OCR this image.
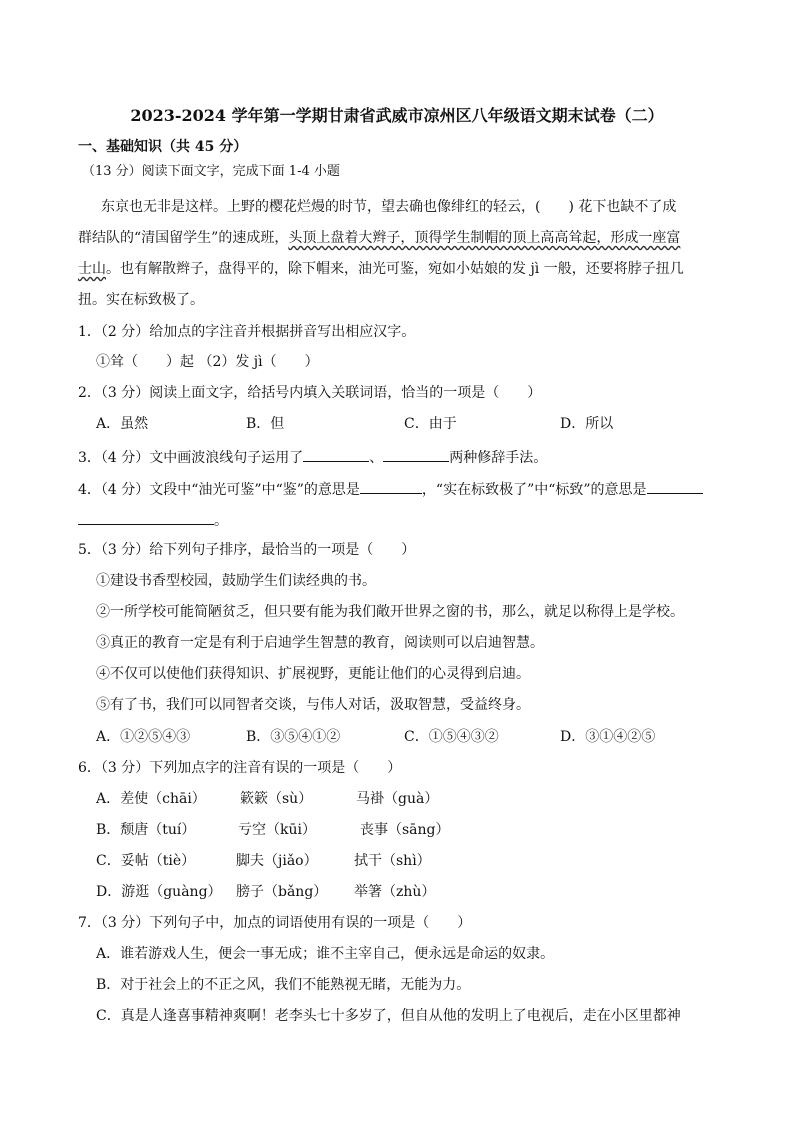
2023-2024 学年第一学期甘肃省武威市凉州区八年级语文期末试卷（二）
一、基础知识（共 45 分）
（13 分）阅读下面文字，完成下面 1-4 小题
东京也无非是这样。上野的樱花烂熳的时节，望去确也像绯红的轻云，(　　) 花下也缺不了成
群结队的“清国留学生”的速成班，头顶上盘着大辫子，顶得学生制帽的顶上高高耸起，形成一座富
士山。也有解散辫子，盘得平的，除下帽来，油光可鉴，宛如小姑娘的发 jì 一般，还要将脖子扭几
扭。实在标致极了。
1．（2 分）给加点的字注音并根据拼音写出相应汉字。
①耸（　　）起 （2）发 jì（　　）
2．（3 分）阅读上面文字，给括号内填入关联词语，恰当的一项是（　　）
A．虽然	B．但	C．由于	D．所以
3．（4 分）文中画波浪线句子运用了	、	两种修辞手法。
4．（4 分）文段中“油光可鉴”中“鉴”的意思是	，“实在标致极了”中“标致”的意思是
。
5．（3 分）给下列句子排序，最恰当的一项是（　　）
①建设书香型校园，鼓励学生们读经典的书。
②一所学校可能简陋贫乏，但只要有能为我们敞开世界之窗的书，那么，就足以称得上是学校。
③真正的教育一定是有利于启迪学生智慧的教育，阅读则可以启迪智慧。
④不仅可以使他们获得知识、扩展视野，更能让他们的心灵得到启迪。
⑤有了书，我们可以同智者交谈，与伟人对话，汲取智慧，受益终身。
A．①②⑤④③	B．③⑤④①②	C．①⑤④③②	D．③①④②⑤
6．（3 分）下列加点字的注音有误的一项是（　　）
A．差使（chāi） 簌簌（sù）	马褂（guà）
B．颓唐（tuí）	亏空（kūi）	丧事（sāng）
C．妥帖（tiè）	脚夫（jiǎo）	拭干（shì）
D．游逛（guàng） 膀子（bǎng） 举箸（zhù）
7．（3 分）下列句子中，加点的词语使用有误的一项是（　　）
A．谁若游戏人生，便会一事无成；谁不主宰自己，便永远是命运的奴隶。
B．对于社会上的不正之风，我们不能熟视无睹，无能为力。
C．真是人逢喜事精神爽啊！老李头七十多岁了，但自从他的发明上了电视后，走在小区里都神
